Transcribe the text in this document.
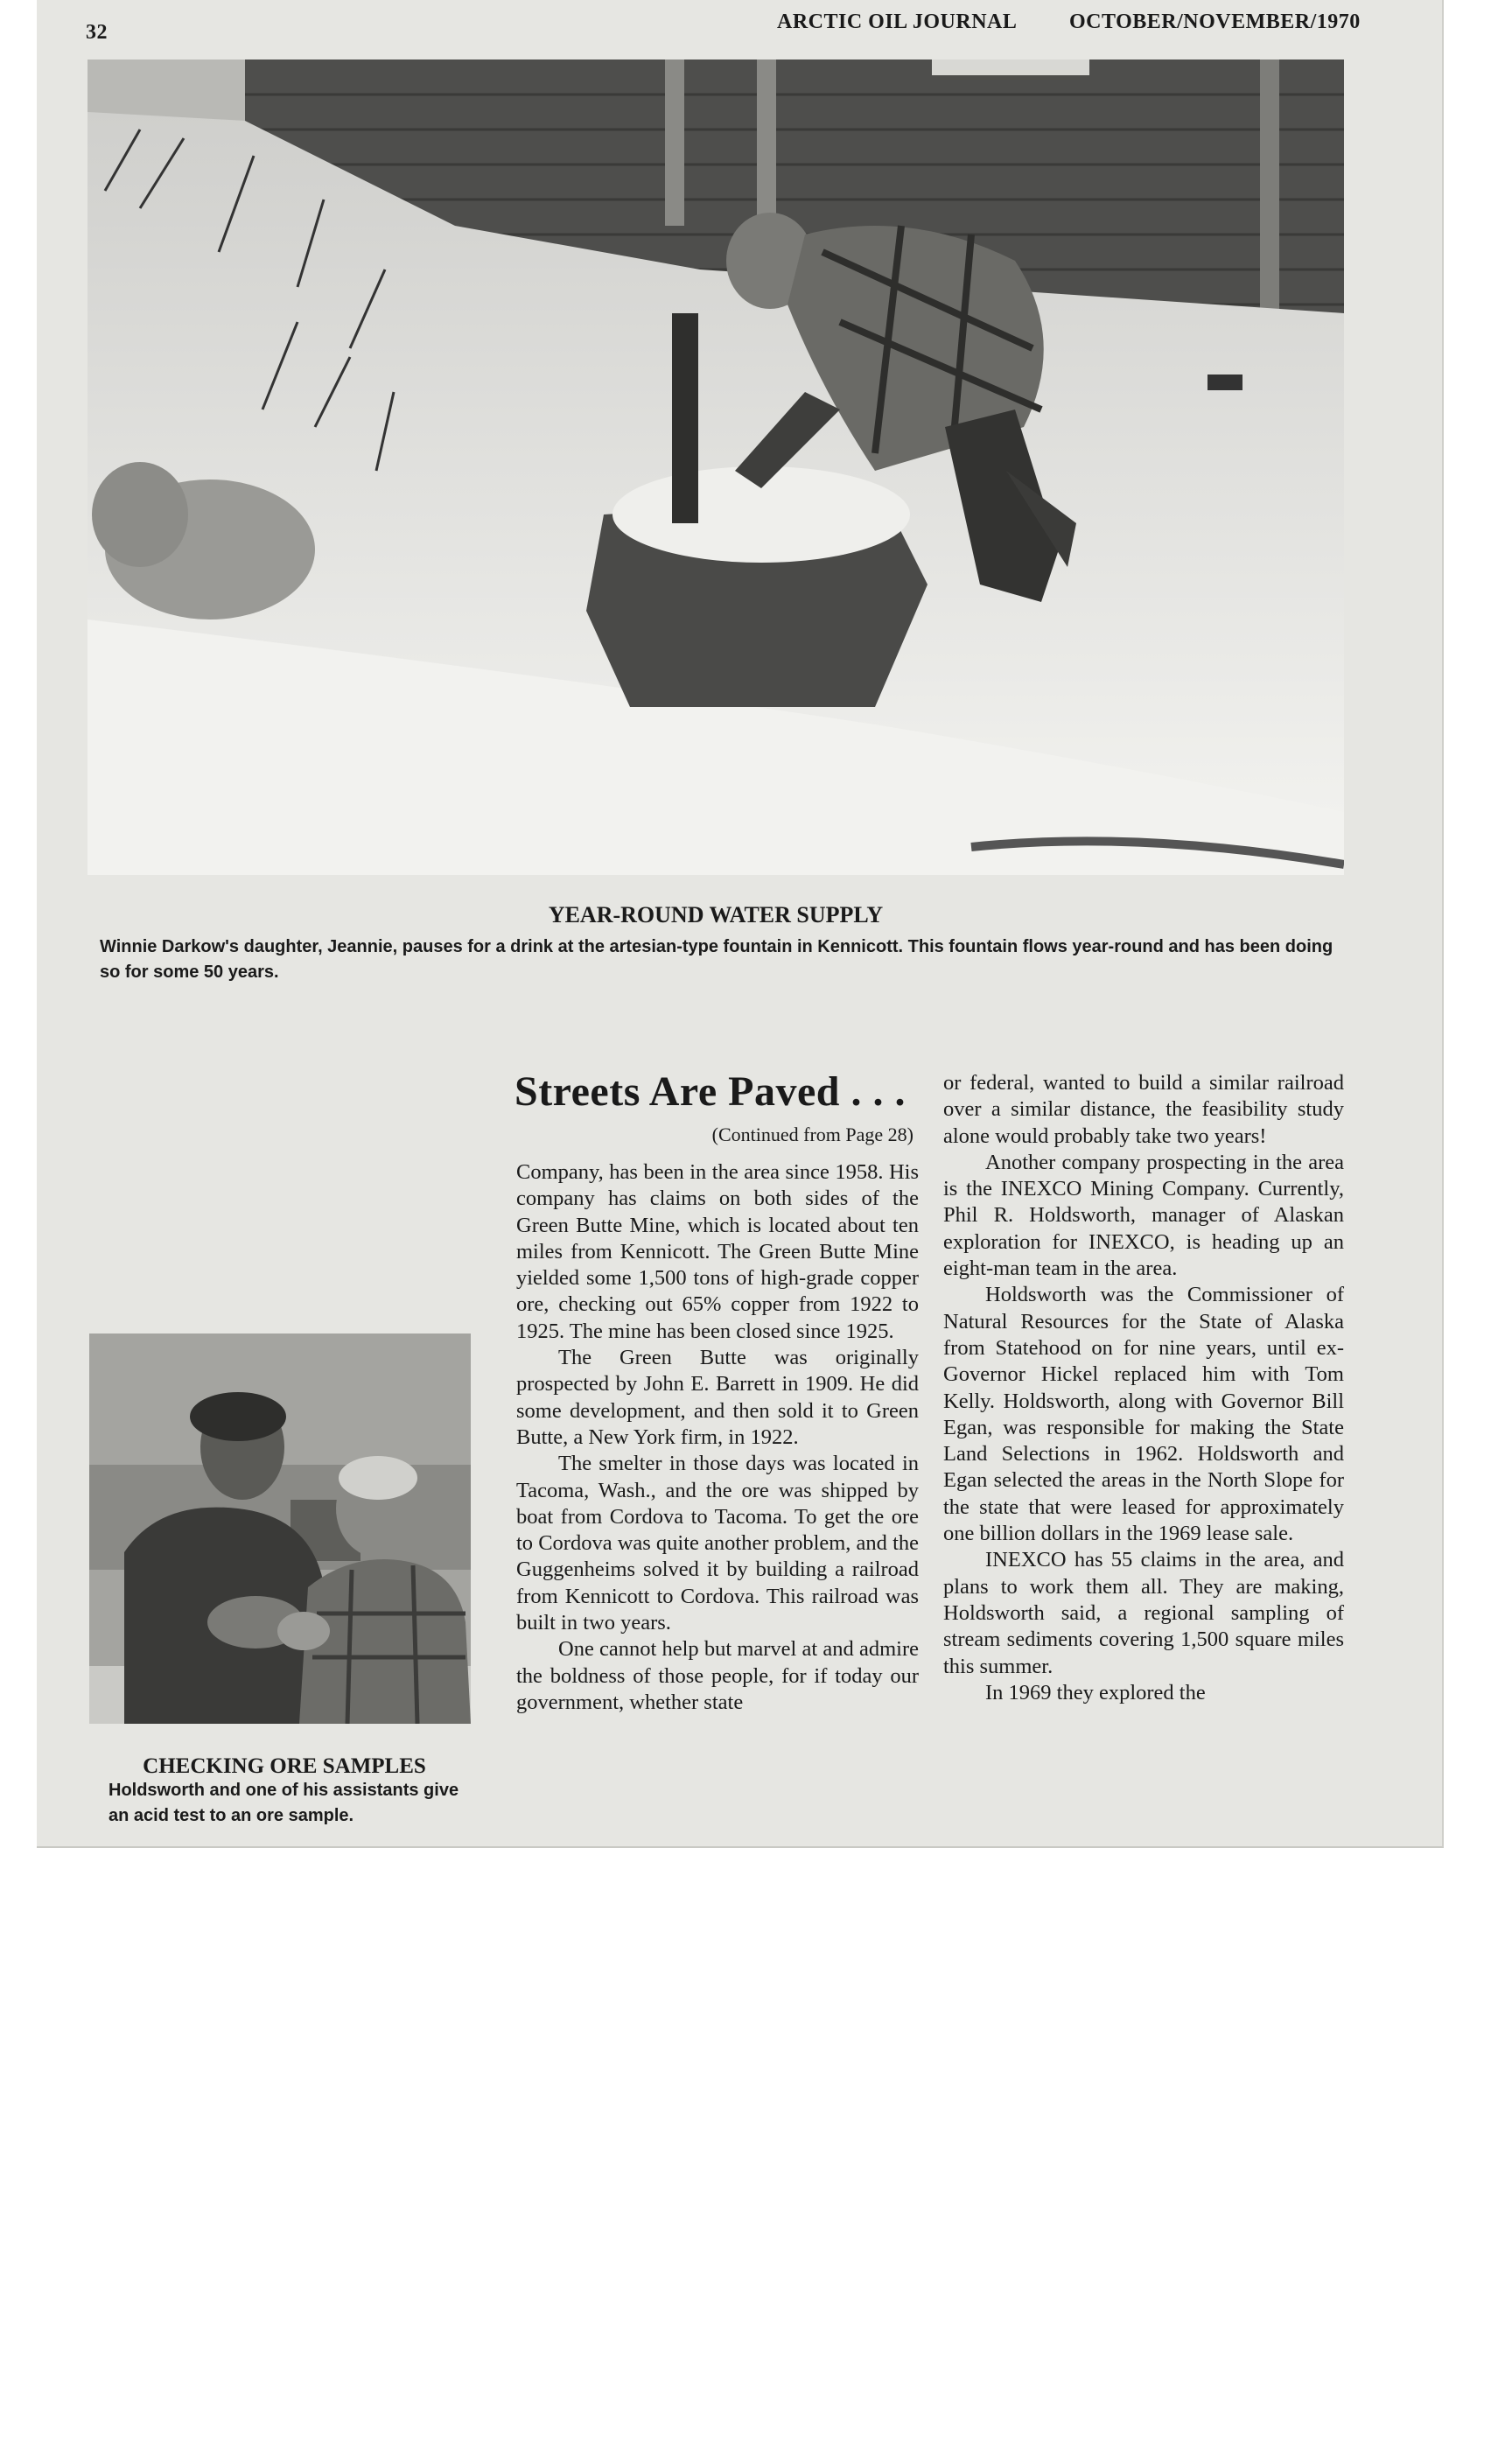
32	ARCTIC OIL JOURNAL OCTOBER/NOVEMBER/1970
YEAR-ROUND WATER SUPPLY
Winnie Darkow's daughter, Jeannie, pauses for a drink at the artesian-type fountain in Kennicott. This fountain flows year-round and has been doing so for some 50 years.
CHECKING ORE SAMPLES
Holdsworth and one of his assistants give an acid test to an ore sample.
Streets Are Paved . . .
(Continued from Page 28)

Company, has been in the area since 1958. His company has claims on both sides of the Green Butte Mine, which is located about ten miles from Kennicott. The Green Butte Mine yielded some 1,500 tons of high-grade copper ore, checking out 65% copper from 1922 to 1925. The mine has been closed since 1925.

The Green Butte was originally prospected by John E. Barrett in 1909. He did some development, and then sold it to Green Butte, a New York firm, in 1922.

The smelter in those days was located in Tacoma, Wash., and the ore was shipped by boat from Cordova to Tacoma. To get the ore to Cordova was quite another problem, and the Guggenheims solved it by building a railroad from Kennicott to Cordova. This railroad was built in two years.

One cannot help but marvel at and admire the boldness of those people, for if today our government, whether state

or federal, wanted to build a similar railroad over a similar distance, the feasibility study alone would probably take two years!

Another company prospecting in the area is the INEXCO Mining Company. Currently, Phil R. Holdsworth, manager of Alaskan exploration for INEXCO, is heading up an eight-man team in the area.

Holdsworth was the Commissioner of Natural Resources for the State of Alaska from Statehood on for nine years, until ex-Governor Hickel replaced him with Tom Kelly. Holdsworth, along with Governor Bill Egan, was responsible for making the State Land Selections in 1962. Holdsworth and Egan selected the areas in the North Slope for the state that were leased for approximately one billion dollars in the 1969 lease sale.

INEXCO has 55 claims in the area, and plans to work them all. They are making, Holdsworth said, a regional sampling of stream sediments covering 1,500 square miles this summer.

In 1969 they explored the
